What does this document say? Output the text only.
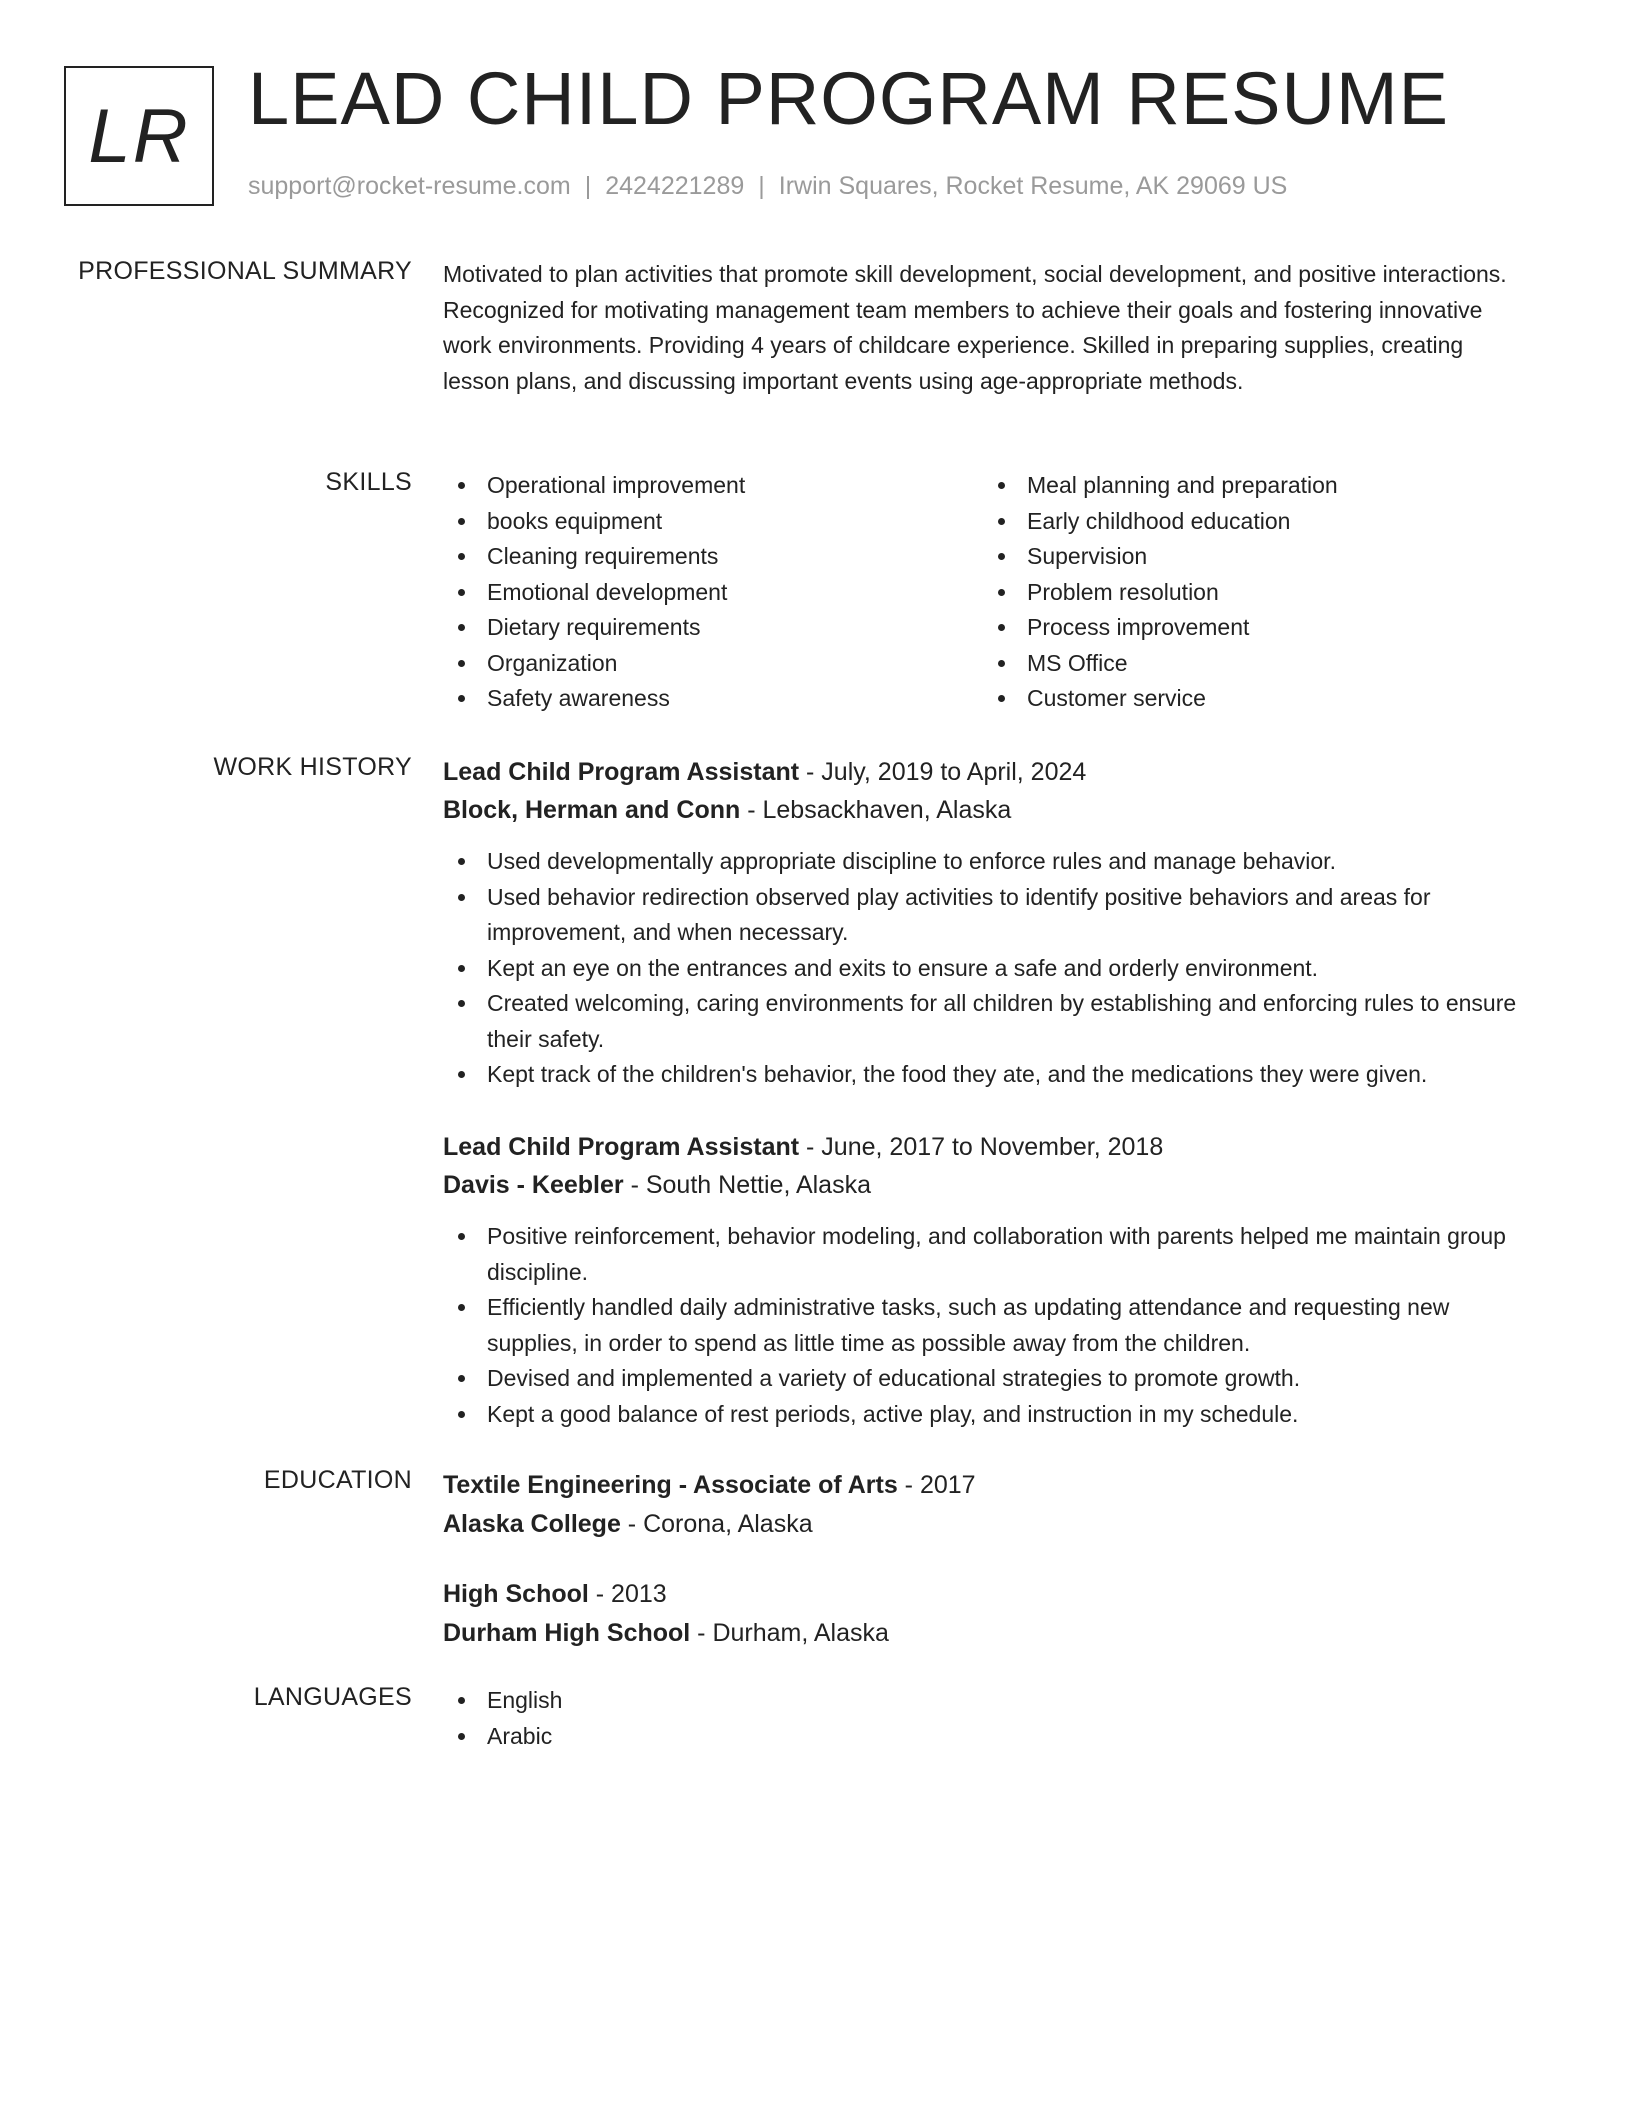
LR LEAD CHILD PROGRAM RESUME
support@rocket-resume.com | 2424221289 | Irwin Squares, Rocket Resume, AK 29069 US
PROFESSIONAL SUMMARY Motivated to plan activities that promote skill development, social development, and positive interactions. Recognized for motivating management team members to achieve their goals and fostering innovative work environments. Providing 4 years of childcare experience. Skilled in preparing supplies, creating lesson plans, and discussing important events using age-appropriate methods.

SKILLS	Operational improvement
books equipment
Cleaning requirements
Emotional development
Dietary requirements
Organization
Safety awareness
Meal planning and preparation
Early childhood education
Supervision
Problem resolution
Process improvement
MS Office
Customer service
WORK HISTORY Lead Child Program Assistant - July, 2019 to April, 2024
Block, Herman and Conn - Lebsackhaven, Alaska
Used developmentally appropriate discipline to enforce rules and manage behavior.
Used behavior redirection observed play activities to identify positive behaviors and areas for improvement, and when necessary.
Kept an eye on the entrances and exits to ensure a safe and orderly environment.
Created welcoming, caring environments for all children by establishing and enforcing rules to ensure their safety.
Kept track of the children's behavior, the food they ate, and the medications they were given.
Lead Child Program Assistant - June, 2017 to November, 2018
Davis - Keebler - South Nettie, Alaska
Positive reinforcement, behavior modeling, and collaboration with parents helped me maintain group discipline.
Efficiently handled daily administrative tasks, such as updating attendance and requesting new supplies, in order to spend as little time as possible away from the children.
Devised and implemented a variety of educational strategies to promote growth.
Kept a good balance of rest periods, active play, and instruction in my schedule.
EDUCATION Textile Engineering - Associate of Arts - 2017
Alaska College - Corona, Alaska
High School - 2013
Durham High School - Durham, Alaska
LANGUAGES	English
Arabic
